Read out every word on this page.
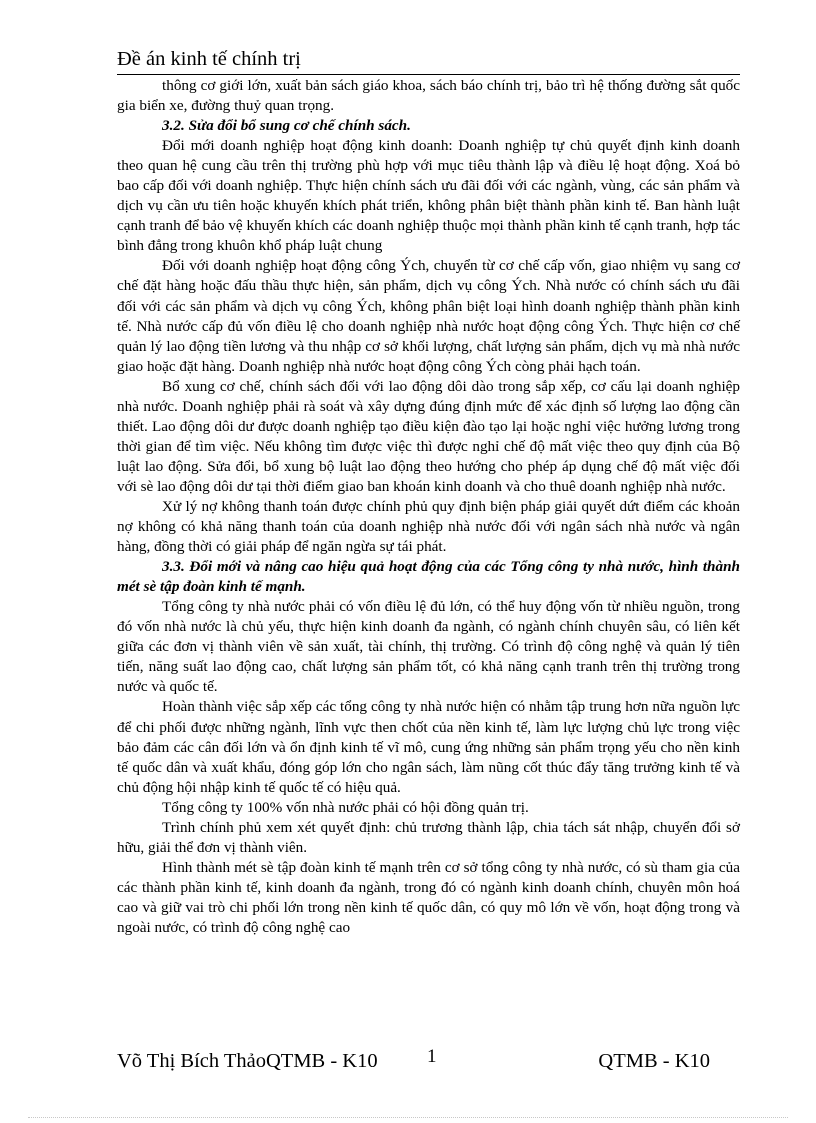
Đề án kinh tế chính trị

thông cơ giới lớn, xuất bản sách giáo khoa, sách báo chính trị, bảo trì hệ thống đường sắt quốc gia biển xe, đường thuỷ quan trọng.

3.2. Sửa đổi bổ sung cơ chế chính sách.

Đổi mới doanh nghiệp hoạt động kinh doanh: Doanh nghiệp tự chủ quyết định kinh doanh theo quan hệ cung cầu trên thị trường phù hợp với mục tiêu thành lập và điều lệ hoạt động. Xoá bỏ bao cấp đối với doanh nghiệp. Thực hiện chính sách ưu đãi đối với các ngành, vùng, các sản phẩm và dịch vụ cần ưu tiên hoặc khuyến khích phát triển, không phân biệt thành phần kinh tế. Ban hành luật cạnh tranh để bảo vệ khuyến khích các doanh nghiệp thuộc mọi thành phần kinh tế cạnh tranh, hợp tác bình đẳng trong khuôn khổ pháp luật chung

Đối với doanh nghiệp hoạt động công Ých, chuyển từ cơ chế cấp vốn, giao nhiệm vụ sang cơ chế đặt hàng hoặc đấu thầu thực hiện, sản phẩm, dịch vụ công Ých. Nhà nước có chính sách ưu đãi đối với các sản phẩm và dịch vụ công Ých, không phân biệt loại hình doanh nghiệp thành phần kinh tế. Nhà nước cấp đủ vốn điều lệ cho doanh nghiệp nhà nước hoạt động công Ých. Thực hiện cơ chế quản lý lao động tiền lương và thu nhập cơ sở khối lượng, chất lượng sản phẩm, dịch vụ mà nhà nước giao hoặc đặt hàng. Doanh nghiệp nhà nước hoạt động công Ých còng phải hạch toán.

Bổ xung cơ chế, chính sách đối với lao động dôi dào trong sắp xếp, cơ cấu lại doanh nghiệp nhà nước. Doanh nghiệp phải rà soát và xây dựng đúng định mức để xác định số lượng lao động cần thiết. Lao động dôi dư được doanh nghiệp tạo điều kiện đào tạo lại hoặc nghỉ việc hưởng lương trong thời gian để tìm việc. Nếu không tìm được việc thì được nghỉ chế độ mất việc theo quy định của Bộ luật lao động. Sửa đổi, bổ xung bộ luật lao động theo hướng cho phép áp dụng chế độ mất việc đối với sè lao động dôi dư tại thời điểm giao ban khoán kinh doanh và cho thuê doanh nghiệp nhà nước.

Xử lý nợ không thanh toán được chính phủ quy định biện pháp giải quyết dứt điểm các khoản nợ không có khả năng thanh toán của doanh nghiệp nhà nước đối với ngân sách nhà nước và ngân hàng, đồng thời có giải pháp để ngăn ngừa sự tái phát.

3.3. Đổi mới và nâng cao hiệu quả hoạt động của các Tổng công ty nhà nước, hình thành mét sè tập đoàn kinh tế mạnh.

Tổng công ty nhà nước phải có vốn điều lệ đủ lớn, có thể huy động vốn từ nhiều nguồn, trong đó vốn nhà nước là chủ yếu, thực hiện kinh doanh đa ngành, có ngành chính chuyên sâu, có liên kết giữa các đơn vị thành viên về sản xuất, tài chính, thị trường. Có trình độ công nghệ và quản lý tiên tiến, năng suất lao động cao, chất lượng sản phẩm tốt, có khả năng cạnh tranh trên thị trường trong nước và quốc tế.

Hoàn thành việc sắp xếp các tổng công ty nhà nước hiện có nhằm tập trung hơn nữa nguồn lực để chi phối được những ngành, lĩnh vực then chốt của nền kinh tế, làm lực lượng chủ lực trong việc bảo đảm các cân đối lớn và ổn định kinh tế vĩ mô, cung ứng những sản phẩm trọng yếu cho nền kinh tế quốc dân và xuất khẩu, đóng góp lớn cho ngân sách, làm nũng cốt thúc đẩy tăng trưởng kinh tế và chủ động hội nhập kinh tế quốc tế có hiệu quả.

Tổng công ty 100% vốn nhà nước phải có hội đồng quản trị.

Trình chính phủ xem xét quyết định: chủ trương thành lập, chia tách sát nhập, chuyển đổi sở hữu, giải thể đơn vị thành viên.

Hình thành mét sè tập đoàn kinh tế mạnh trên cơ sở tổng công ty nhà nước, có sù tham gia của các thành phần kinh tế, kinh doanh đa ngành, trong đó có ngành kinh doanh chính, chuyên môn hoá cao và giữ vai trò chi phối lớn trong nền kinh tế quốc dân, có quy mô lớn về vốn, hoạt động trong và ngoài nước, có trình độ công nghệ cao

Võ Thị Bích ThảoQTMB - K10	1	QTMB - K10
